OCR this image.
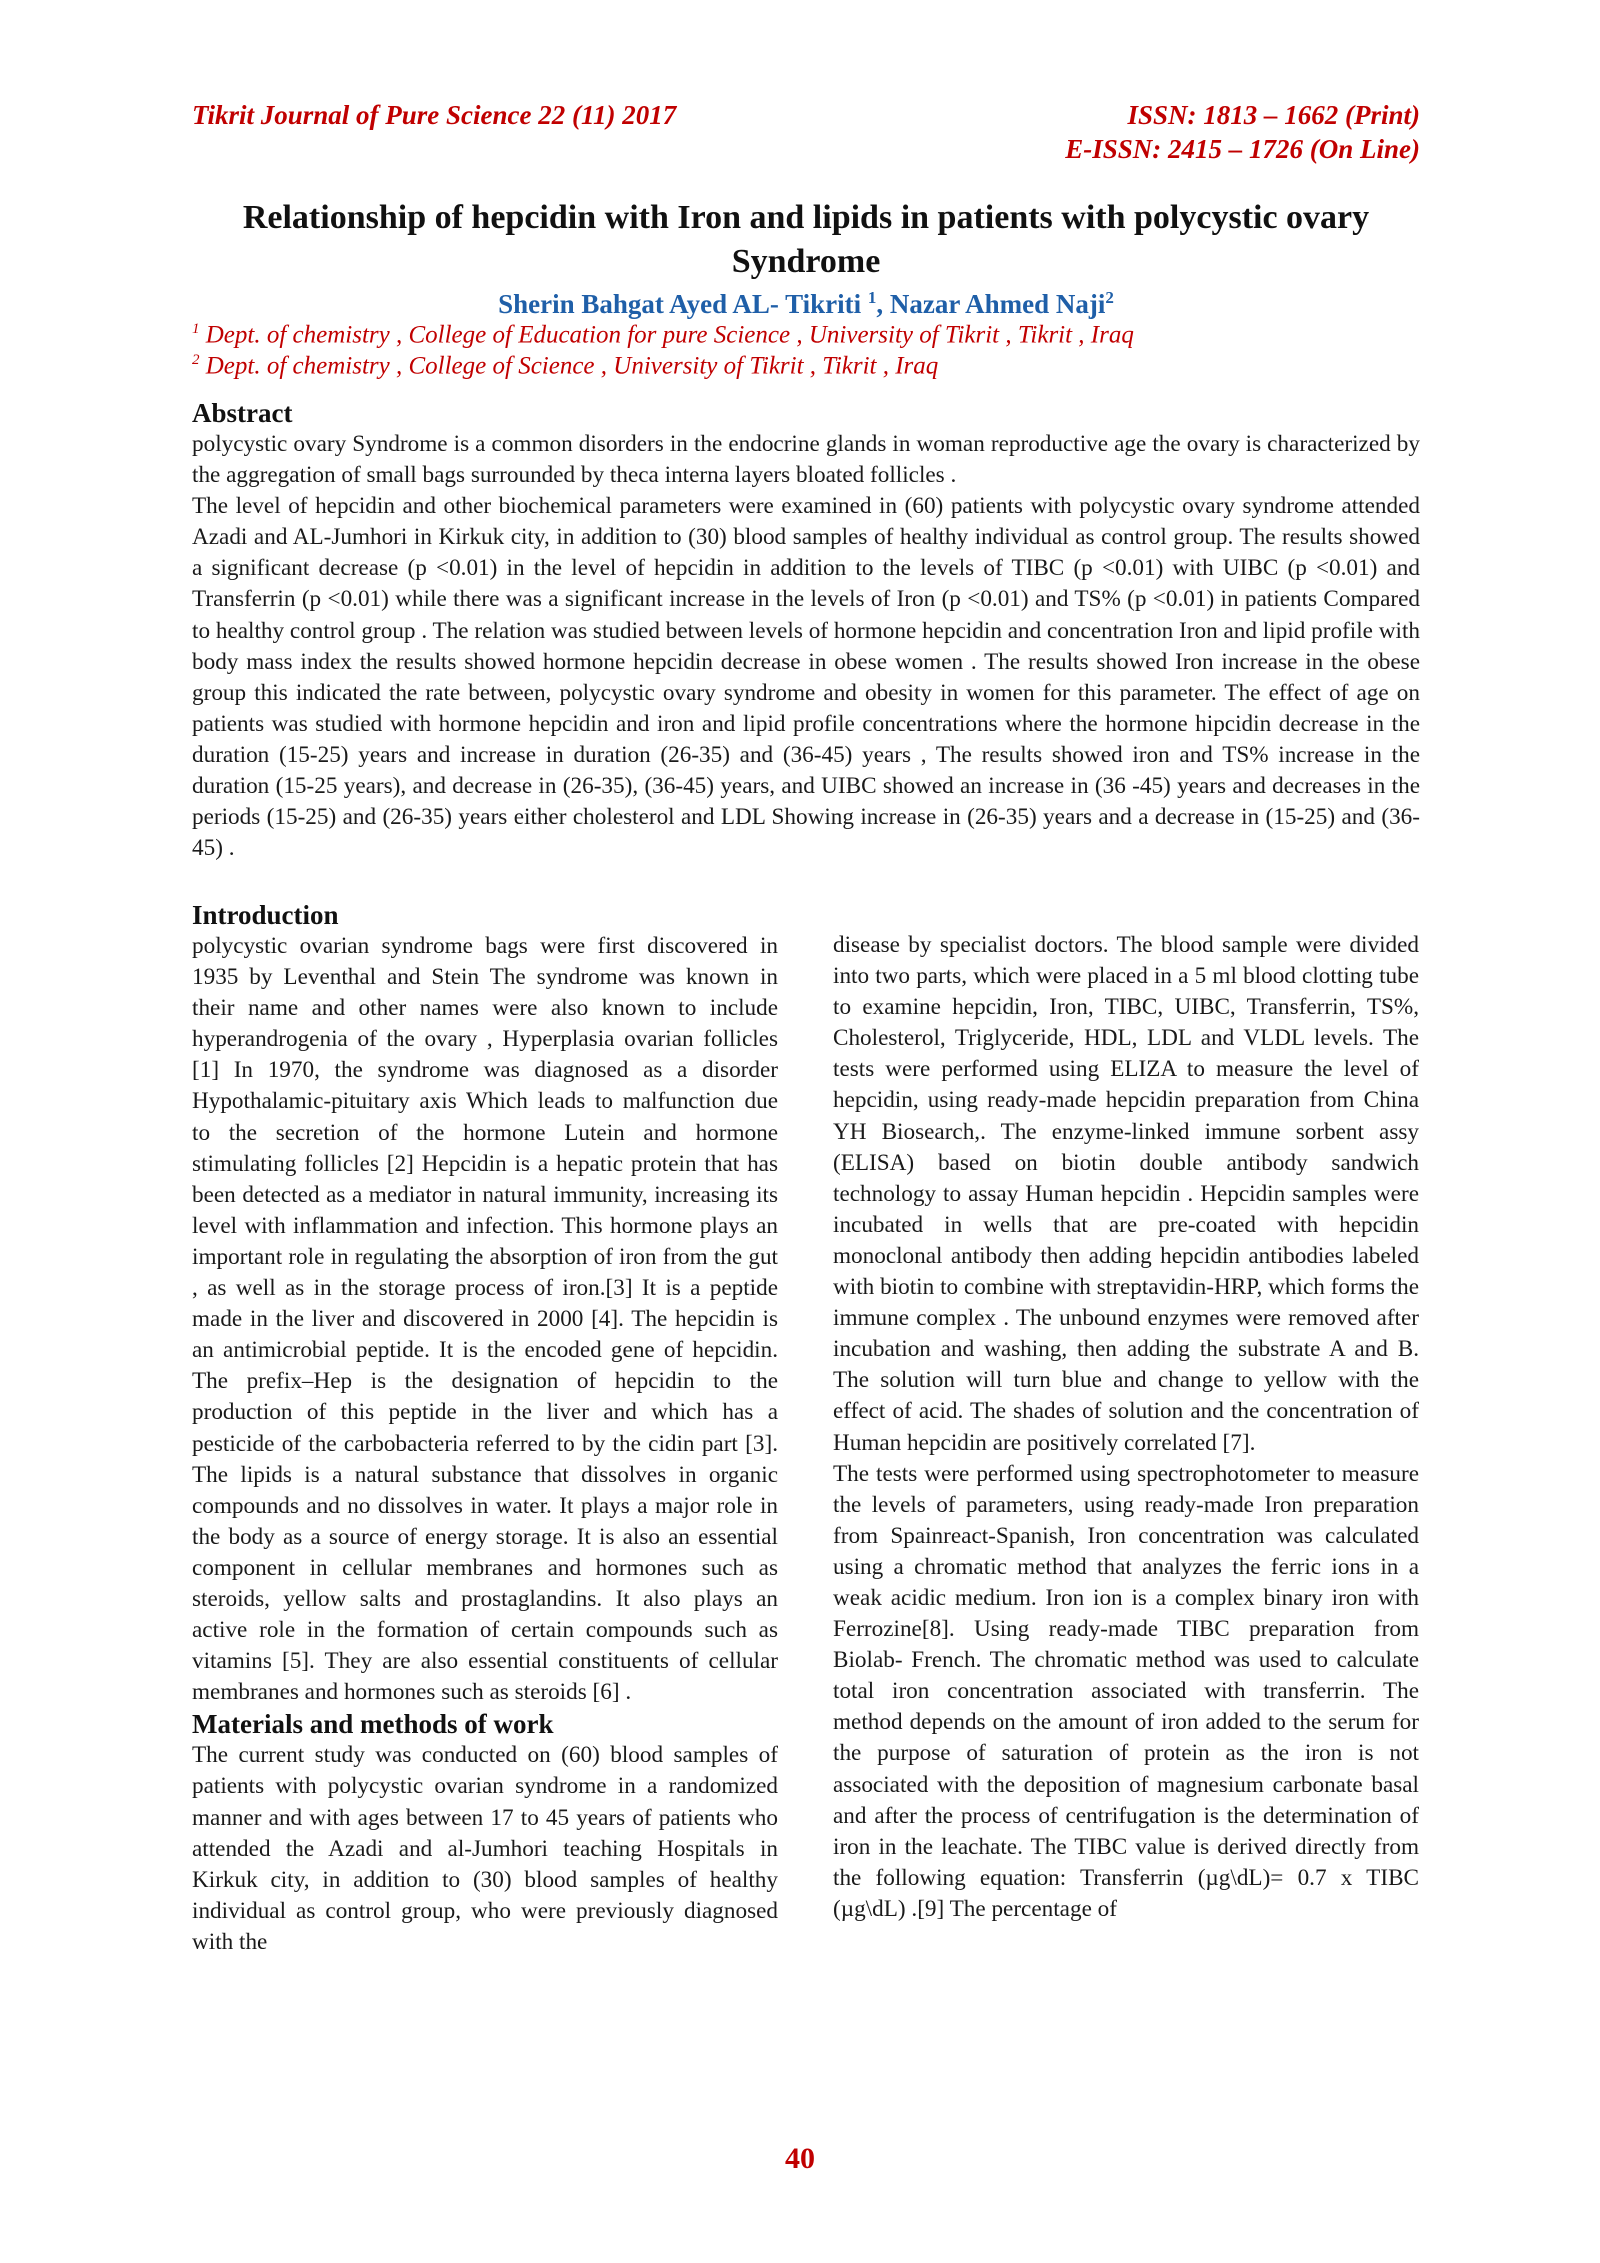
Tikrit Journal of Pure Science 22 (11) 2017	ISSN: 1813 – 1662 (Print)
E-ISSN: 2415 – 1726 (On Line)
Relationship of hepcidin with Iron and lipids in patients with polycystic ovary Syndrome
Sherin Bahgat Ayed AL- Tikriti $^1$, Nazar Ahmed Naji$^2$
$^1$ Dept. of chemistry , College of Education for pure Science , University of Tikrit , Tikrit , Iraq
$^2$ Dept. of chemistry , College of Science , University of Tikrit , Tikrit , Iraq
Abstract

polycystic ovary Syndrome is a common disorders in the endocrine glands in woman reproductive age the ovary is characterized by the aggregation of small bags surrounded by theca interna layers bloated follicles .

The level of hepcidin and other biochemical parameters were examined in (60) patients with polycystic ovary syndrome attended Azadi and AL-Jumhori in Kirkuk city, in addition to (30) blood samples of healthy individual as control group. The results showed a significant decrease (p <0.01) in the level of hepcidin in addition to the levels of TIBC (p <0.01) with UIBC (p <0.01) and Transferrin (p <0.01) while there was a significant increase in the levels of Iron (p <0.01) and TS% (p <0.01) in patients Compared to healthy control group . The relation was studied between levels of hormone hepcidin and concentration Iron and lipid profile with body mass index the results showed hormone hepcidin decrease in obese women . The results showed Iron increase in the obese group this indicated the rate between, polycystic ovary syndrome and obesity in women for this parameter. The effect of age on patients was studied with hormone hepcidin and iron and lipid profile concentrations where the hormone hipcidin decrease in the duration (15-25) years and increase in duration (26-35) and (36-45) years , The results showed iron and TS% increase in the duration (15-25 years), and decrease in (26-35), (36-45) years, and UIBC showed an increase in (36 -45) years and decreases in the periods (15-25) and (26-35) years either cholesterol and LDL Showing increase in (26-35) years and a decrease in (15-25) and (36-45) .

Introduction

polycystic ovarian syndrome bags were first discovered in 1935 by Leventhal and Stein The syndrome was known in their name and other names were also known to include hyperandrogenia of the ovary , Hyperplasia ovarian follicles [1] In 1970, the syndrome was diagnosed as a disorder Hypothalamic-pituitary axis Which leads to malfunction due to the secretion of the hormone Lutein and hormone stimulating follicles [2] Hepcidin is a hepatic protein that has been detected as a mediator in natural immunity, increasing its level with inflammation and infection. This hormone plays an important role in regulating the absorption of iron from the gut , as well as in the storage process of iron.[3] It is a peptide made in the liver and discovered in 2000 [4]. The hepcidin is an antimicrobial peptide. It is the encoded gene of hepcidin. The prefix–Hep is the designation of hepcidin to the production of this peptide in the liver and which has a pesticide of the carbobacteria referred to by the cidin part [3]. The lipids is a natural substance that dissolves in organic compounds and no dissolves in water. It plays a major role in the body as a source of energy storage. It is also an essential component in cellular membranes and hormones such as steroids, yellow salts and prostaglandins. It also plays an active role in the formation of certain compounds such as vitamins [5]. They are also essential constituents of cellular membranes and hormones such as steroids [6] .

Materials and methods of work

The current study was conducted on (60) blood samples of patients with polycystic ovarian syndrome in a randomized manner and with ages between 17 to 45 years of patients who attended the Azadi and al-Jumhori teaching Hospitals in Kirkuk city, in addition to (30) blood samples of healthy individual as control group, who were previously diagnosed with the

disease by specialist doctors. The blood sample were divided into two parts, which were placed in a 5 ml blood clotting tube to examine hepcidin, Iron, TIBC, UIBC, Transferrin, TS%, Cholesterol, Triglyceride, HDL, LDL and VLDL levels. The tests were performed using ELIZA to measure the level of hepcidin, using ready-made hepcidin preparation from China YH Biosearch,. The enzyme-linked immune sorbent assy (ELISA) based on biotin double antibody sandwich technology to assay Human hepcidin . Hepcidin samples were incubated in wells that are pre-coated with hepcidin monoclonal antibody then adding hepcidin antibodies labeled with biotin to combine with streptavidin-HRP, which forms the immune complex . The unbound enzymes were removed after incubation and washing, then adding the substrate A and B. The solution will turn blue and change to yellow with the effect of acid. The shades of solution and the concentration of Human hepcidin are positively correlated [7].

The tests were performed using spectrophotometer to measure the levels of parameters, using ready-made Iron preparation from Spainreact-Spanish, Iron concentration was calculated using a chromatic method that analyzes the ferric ions in a weak acidic medium. Iron ion is a complex binary iron with Ferrozine[8]. Using ready-made TIBC preparation from Biolab- French. The chromatic method was used to calculate total iron concentration associated with transferrin. The method depends on the amount of iron added to the serum for the purpose of saturation of protein as the iron is not associated with the deposition of magnesium carbonate basal and after the process of centrifugation is the determination of iron in the leachate. The TIBC value is derived directly from the following equation: Transferrin (µg\dL)= 0.7 x TIBC (µg\dL) .[9] The percentage of

40
